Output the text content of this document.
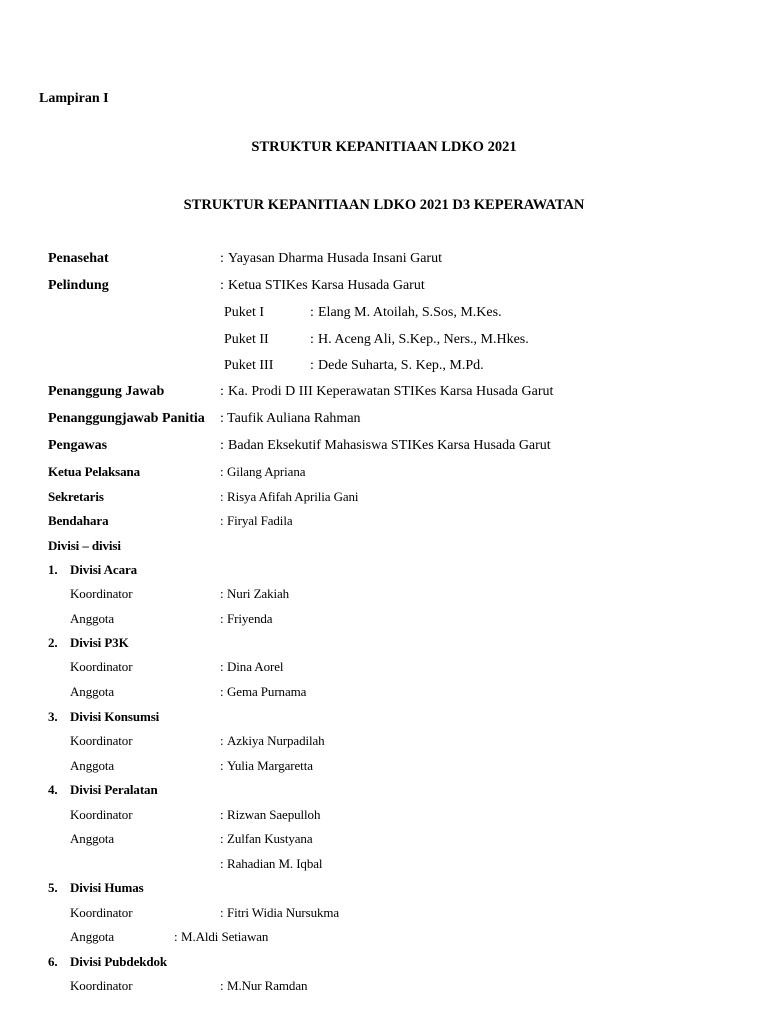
Lampiran I
STRUKTUR KEPANITIAAN LDKO 2021
STRUKTUR KEPANITIAAN LDKO 2021 D3 KEPERAWATAN
Penasehat	: Yayasan Dharma Husada Insani Garut
Pelindung	: Ketua STIKes Karsa Husada Garut
Puket I	: Elang M. Atoilah, S.Sos, M.Kes.
Puket II	: H. Aceng Ali, S.Kep., Ners., M.Hkes.
Puket III	: Dede Suharta, S. Kep., M.Pd.
Penanggung Jawab	: Ka. Prodi D III Keperawatan STIKes Karsa Husada Garut
Penanggungjawab Panitia : Taufik Auliana Rahman
Pengawas	: Badan Eksekutif Mahasiswa STIKes Karsa Husada Garut
Ketua Pelaksana	: Gilang Apriana
Sekretaris	: Risya Afifah Aprilia Gani
Bendahara	: Firyal Fadila
Divisi – divisi
1. Divisi Acara
Koordinator	: Nuri Zakiah
Anggota	: Friyenda
2. Divisi P3K
Koordinator	: Dina Aorel
Anggota	: Gema Purnama
3. Divisi Konsumsi
Koordinator	: Azkiya Nurpadilah
Anggota	: Yulia Margaretta
4. Divisi Peralatan
Koordinator	: Rizwan Saepulloh
Anggota	: Zulfan Kustyana
: Rahadian M. Iqbal
5. Divisi Humas
Koordinator	: Fitri Widia Nursukma
Anggota	: M.Aldi Setiawan
6. Divisi Pubdekdok
Koordinator	: M.Nur Ramdan
